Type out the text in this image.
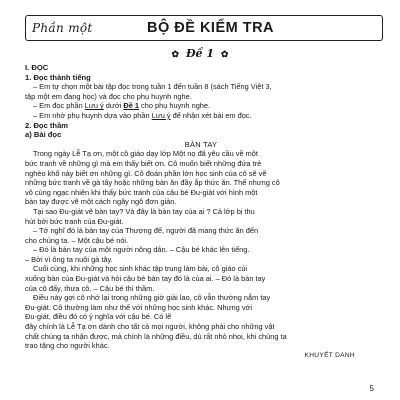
Phần một	BỘ ĐỀ KIỂM TRA
✿ Đề 1 ✿

I. ĐỌC

1. Đọc thành tiếng

– Em tự chọn một bài tập đọc trong tuần 1 đến tuần 8 (sách Tiếng Việt 3,

tập một em đang học) và đọc cho phụ huynh nghe.

– Em đọc phần Lưu ý dưới Đề 1 cho phụ huynh nghe.

– Em nhờ phụ huynh dựa vào phần Lưu ý để nhận xét bài em đọc.

2. Đọc thầm

a) Bài đọc

BÀN TAY

Trong ngày Lễ Tạ ơn, một cô giáo dạy lớp Một nọ đã yêu cầu về một

bức tranh về những gì mà em thấy biết ơn. Cô muốn biết những đứa trẻ

nghèo khổ này biết ơn những gì. Cô đoán phần lớn học sinh của cô sẽ vẽ

những bức tranh về gà tây hoặc những bàn ăn đầy ắp thức ăn. Thế nhưng cô

vô cùng ngạc nhiên khi thấy bức tranh của cậu bé Đu-giát với hình một

bàn tay được vẽ một cách ngây ngô đơn giản.

Tại sao Đu-giát vẽ bàn tay? Và đây là bàn tay của ai ? Cả lớp bị thu

hút bởi bức tranh của Đu-giát.

– Tớ nghĩ đó là bàn tay của Thượng đế, người đã mang thức ăn đến

cho chúng ta. – Một cậu bé nói.

– Đó là bàn tay của một người nông dân. – Cậu bé khác lên tiếng.

– Bởi vì ông ta nuôi gà tây.

Cuối cùng, khi những học sinh khác tập trung làm bài, cô giáo cúi

xuống bàn của Đu-giát và hỏi cậu bé bàn tay đó là của ai. – Đó là bàn tay

của cô đấy, thưa cô. – Cậu bé thì thầm.

Điều này gợi cô nhớ lại trong những giờ giải lao, cô vẫn thường nắm tay

Đu-giát. Cô thường làm như thế với những học sinh khác. Nhưng với

Đu-giát, điều đó có ý nghĩa với cậu bé. Có lẽ

đây chính là Lễ Tạ ơn dành cho tất cả mọi người, không phải cho những vật

chất chúng ta nhận được, mà chính là những điều, dù rất nhỏ nhoi, khi chúng ta

trao tặng cho người khác.

KHUYẾT DANH

5
